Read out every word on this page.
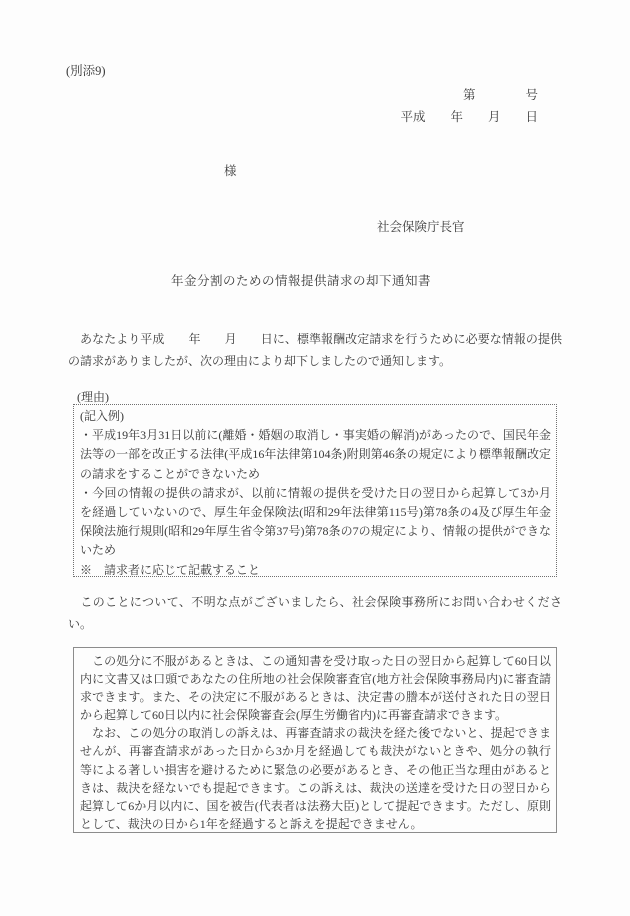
(別添9)
第　　　　号
平成　　年　　月　　日
様
社会保険庁長官
年金分割のための情報提供請求の却下通知書

　あなたより平成　　年　　月　　日に、標準報酬改定請求を行うために必要な情報の提供の請求がありましたが、次の理由により却下しましたので通知します。

(理由)

(記入例)

・平成19年3月31日以前に(離婚・婚姻の取消し・事実婚の解消)があったので、国民年金法等の一部を改正する法律(平成16年法律第104条)附則第46条の規定により標準報酬改定の請求をすることができないため

・今回の情報の提供の請求が、以前に情報の提供を受けた日の翌日から起算して3か月を経過していないので、厚生年金保険法(昭和29年法律第115号)第78条の4及び厚生年金保険法施行規則(昭和29年厚生省令第37号)第78条の7の規定により、情報の提供ができないため

※　請求者に応じて記載すること

　このことについて、不明な点がございましたら、社会保険事務所にお問い合わせください。

　この処分に不服があるときは、この通知書を受け取った日の翌日から起算して60日以内に文書又は口頭であなたの住所地の社会保険審査官(地方社会保険事務局内)に審査請求できます。また、その決定に不服があるときは、決定書の謄本が送付された日の翌日から起算して60日以内に社会保険審査会(厚生労働省内)に再審査請求できます。

　なお、この処分の取消しの訴えは、再審査請求の裁決を経た後でないと、提起できませんが、再審査請求があった日から3か月を経過しても裁決がないときや、処分の執行等による著しい損害を避けるために緊急の必要があるとき、その他正当な理由があるときは、裁決を経ないでも提起できます。この訴えは、裁決の送達を受けた日の翌日から起算して6か月以内に、国を被告(代表者は法務大臣)として提起できます。ただし、原則として、裁決の日から1年を経過すると訴えを提起できません。
